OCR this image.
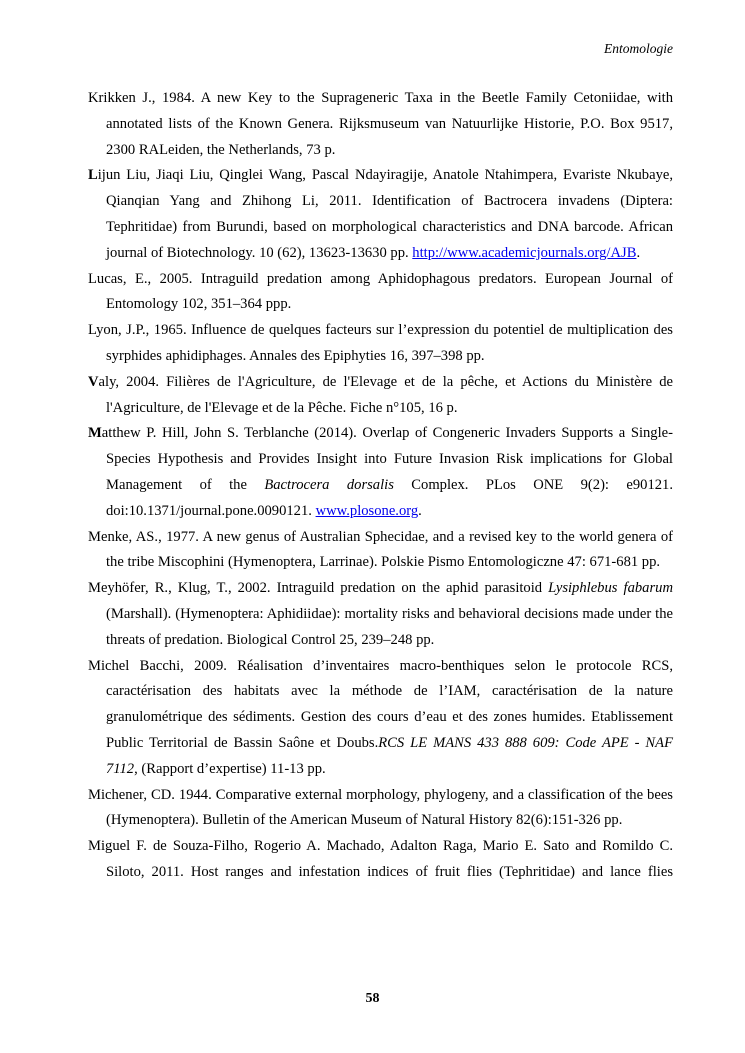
Entomologie

Krikken J., 1984. A new Key to the Suprageneric Taxa in the Beetle Family Cetoniidae, with annotated lists of the Known Genera. Rijksmuseum van Natuurlijke Historie, P.O. Box 9517, 2300 RALeiden, the Netherlands, 73 p.

Lijun Liu, Jiaqi Liu, Qinglei Wang, Pascal Ndayiragije, Anatole Ntahimpera, Evariste Nkubaye, Qianqian Yang and Zhihong Li, 2011. Identification of Bactrocera invadens (Diptera: Tephritidae) from Burundi, based on morphological characteristics and DNA barcode. African journal of Biotechnology. 10 (62), 13623-13630 pp. http://www.academicjournals.org/AJB.

Lucas, E., 2005. Intraguild predation among Aphidophagous predators. European Journal of Entomology 102, 351–364 ppp.

Lyon, J.P., 1965. Influence de quelques facteurs sur l’expression du potentiel de multiplication des syrphides aphidiphages. Annales des Epiphyties 16, 397–398 pp.

Valy, 2004. Filières de l'Agriculture, de l'Elevage et de la pêche, et Actions du Ministère de l'Agriculture, de l'Elevage et de la Pêche. Fiche n°105, 16 p.

Matthew P. Hill, John S. Terblanche (2014). Overlap of Congeneric Invaders Supports a Single-Species Hypothesis and Provides Insight into Future Invasion Risk implications for Global Management of the Bactrocera dorsalis Complex. PLos ONE 9(2): e90121. doi:10.1371/journal.pone.0090121. www.plosone.org.

Menke, AS., 1977. A new genus of Australian Sphecidae, and a revised key to the world genera of the tribe Miscophini (Hymenoptera, Larrinae). Polskie Pismo Entomologiczne 47: 671-681 pp.

Meyhöfer, R., Klug, T., 2002. Intraguild predation on the aphid parasitoid Lysiphlebus fabarum (Marshall). (Hymenoptera: Aphidiidae): mortality risks and behavioral decisions made under the threats of predation. Biological Control 25, 239–248 pp.

Michel Bacchi, 2009. Réalisation d’inventaires macro-benthiques selon le protocole RCS, caractérisation des habitats avec la méthode de l’IAM, caractérisation de la nature granulométrique des sédiments. Gestion des cours d’eau et des zones humides. Etablissement Public Territorial de Bassin Saône et Doubs.RCS LE MANS 433 888 609: Code APE - NAF 7112, (Rapport d’expertise) 11-13 pp.

Michener, CD. 1944. Comparative external morphology, phylogeny, and a classification of the bees (Hymenoptera). Bulletin of the American Museum of Natural History 82(6):151-326 pp.

Miguel F. de Souza-Filho, Rogerio A. Machado, Adalton Raga, Mario E. Sato and Romildo C. Siloto, 2011. Host ranges and infestation indices of fruit flies (Tephritidae) and lance flies

58
